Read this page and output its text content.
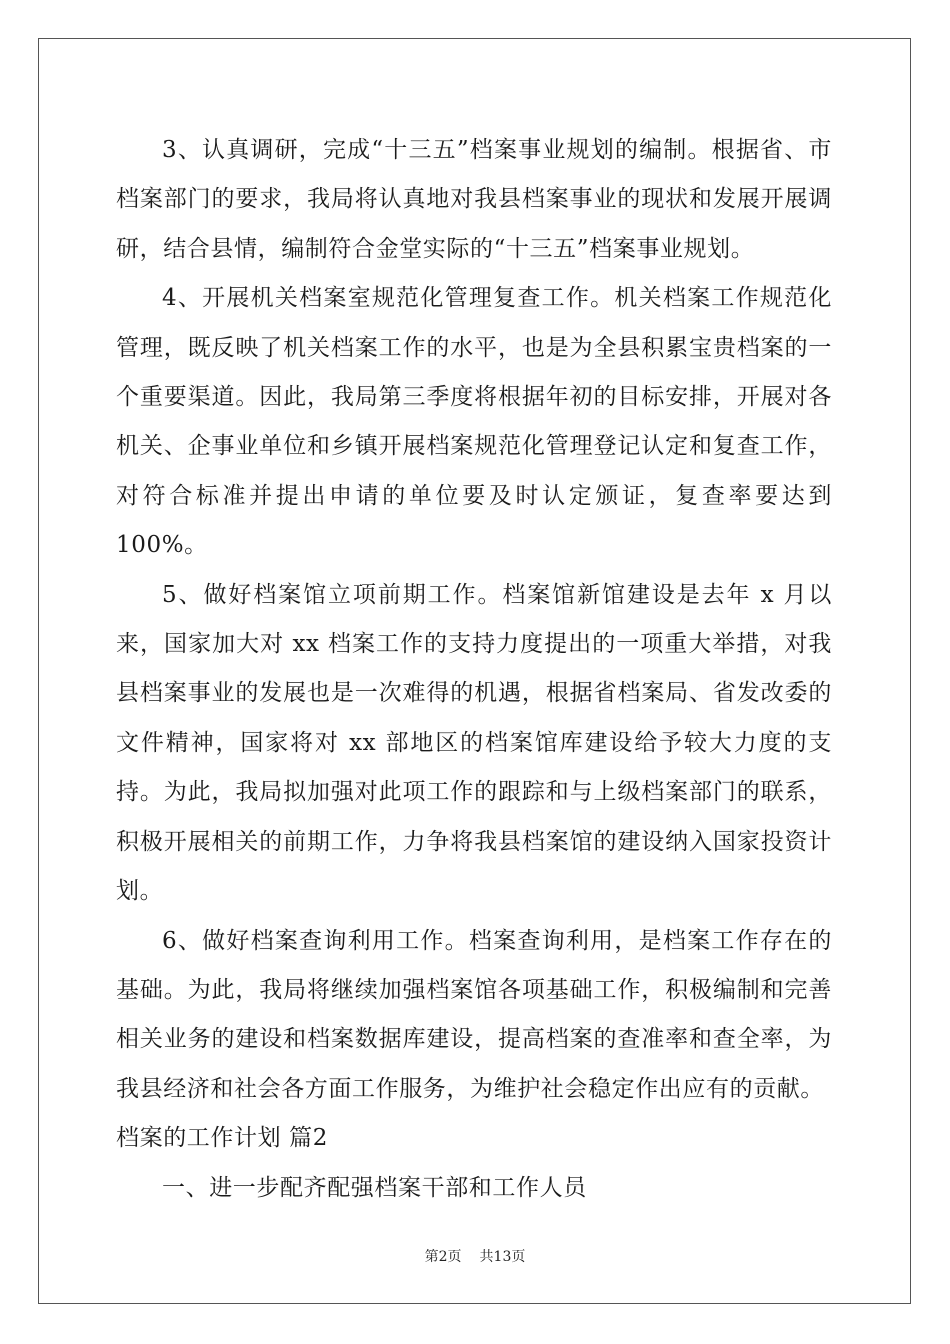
3、认真调研，完成“十三五”档案事业规划的编制。根据省、市档案部门的要求，我局将认真地对我县档案事业的现状和发展开展调研，结合县情，编制符合金堂实际的“十三五”档案事业规划。

4、开展机关档案室规范化管理复查工作。机关档案工作规范化管理，既反映了机关档案工作的水平，也是为全县积累宝贵档案的一个重要渠道。因此，我局第三季度将根据年初的目标安排，开展对各机关、企事业单位和乡镇开展档案规范化管理登记认定和复查工作，对符合标准并提出申请的单位要及时认定颁证，复查率要达到100%。

5、做好档案馆立项前期工作。档案馆新馆建设是去年 x 月以来，国家加大对 xx 档案工作的支持力度提出的一项重大举措，对我县档案事业的发展也是一次难得的机遇，根据省档案局、省发改委的文件精神，国家将对 xx 部地区的档案馆库建设给予较大力度的支持。为此，我局拟加强对此项工作的跟踪和与上级档案部门的联系，积极开展相关的前期工作，力争将我县档案馆的建设纳入国家投资计划。

6、做好档案查询利用工作。档案查询利用，是档案工作存在的基础。为此，我局将继续加强档案馆各项基础工作，积极编制和完善相关业务的建设和档案数据库建设，提高档案的查准率和查全率，为我县经济和社会各方面工作服务，为维护社会稳定作出应有的贡献。

档案的工作计划 篇2

一、进一步配齐配强档案干部和工作人员

第2页 共13页
